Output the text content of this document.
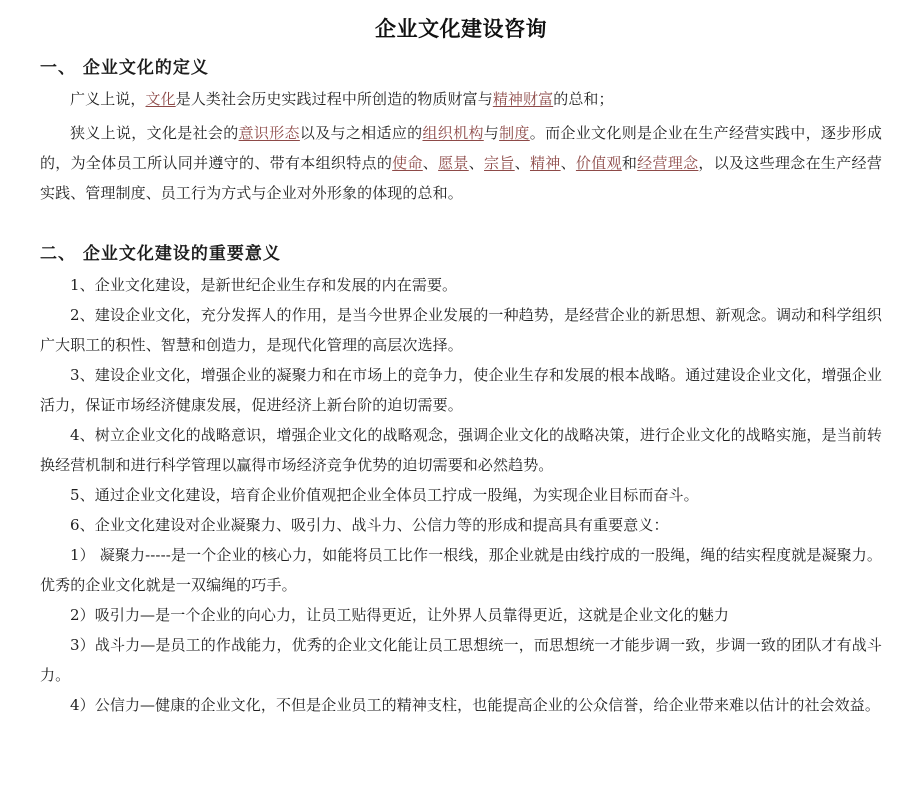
企业文化建设咨询
一、 企业文化的定义

广义上说，文化是人类社会历史实践过程中所创造的物质财富与精神财富的总和；

狭义上说，文化是社会的意识形态以及与之相适应的组织机构与制度。而企业文化则是企业在生产经营实践中，逐步形成的，为全体员工所认同并遵守的、带有本组织特点的使命、愿景、宗旨、精神、价值观和经营理念，以及这些理念在生产经营实践、管理制度、员工行为方式与企业对外形象的体现的总和。

二、 企业文化建设的重要意义

1、企业文化建设，是新世纪企业生存和发展的内在需要。

2、建设企业文化，充分发挥人的作用，是当今世界企业发展的一种趋势，是经营企业的新思想、新观念。调动和科学组织广大职工的积性、智慧和创造力，是现代化管理的高层次选择。

3、建设企业文化，增强企业的凝聚力和在市场上的竞争力，使企业生存和发展的根本战略。通过建设企业文化，增强企业活力，保证市场经济健康发展，促进经济上新台阶的迫切需要。

4、树立企业文化的战略意识，增强企业文化的战略观念，强调企业文化的战略决策，进行企业文化的战略实施，是当前转换经营机制和进行科学管理以赢得市场经济竞争优势的迫切需要和必然趋势。

5、通过企业文化建设，培育企业价值观把企业全体员工拧成一股绳，为实现企业目标而奋斗。

6、企业文化建设对企业凝聚力、吸引力、战斗力、公信力等的形成和提高具有重要意义：

1） 凝聚力-----是一个企业的核心力，如能将员工比作一根线，那企业就是由线拧成的一股绳，绳的结实程度就是凝聚力。优秀的企业文化就是一双编绳的巧手。

2）吸引力—是一个企业的向心力，让员工贴得更近，让外界人员靠得更近，这就是企业文化的魅力

3）战斗力—是员工的作战能力，优秀的企业文化能让员工思想统一，而思想统一才能步调一致，步调一致的团队才有战斗力。

4）公信力—健康的企业文化，不但是企业员工的精神支柱，也能提高企业的公众信誉，给企业带来难以估计的社会效益。
